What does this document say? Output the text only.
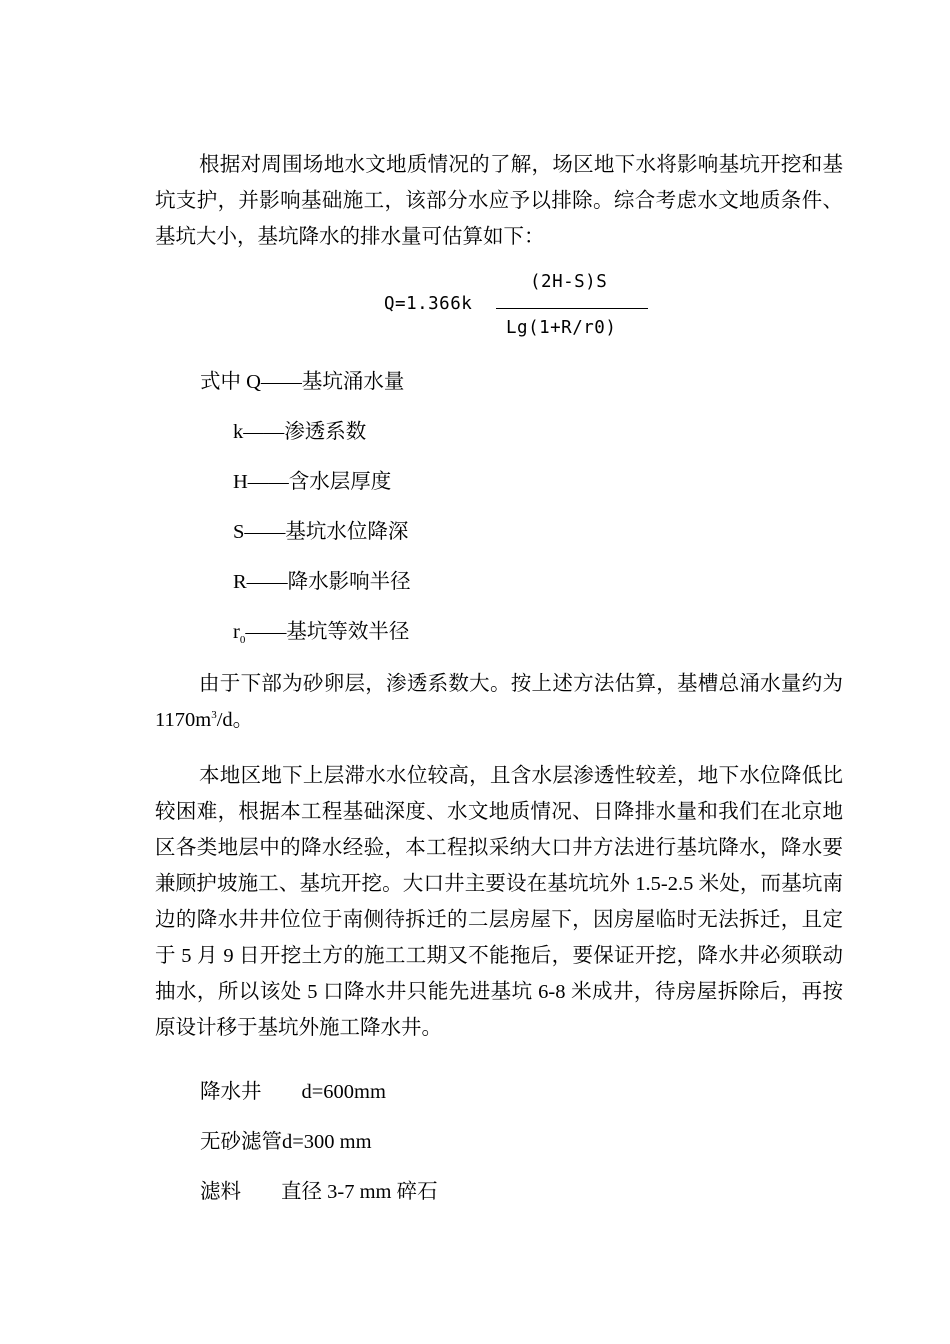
根据对周围场地水文地质情况的了解，场区地下水将影响基坑开挖和基坑支护，并影响基础施工，该部分水应予以排除。综合考虑水文地质条件、基坑大小，基坑降水的排水量可估算如下：

Q=1.366k
(2H-S)S
Lg(1+R/r0)
式中 Q——基坑涌水量
k——渗透系数
H——含水层厚度
S——基坑水位降深
R——降水影响半径
$r_0——$基坑等效半径

由于下部为砂卵层，渗透系数大。按上述方法估算，基槽总涌水量约为 $1170m^3/d$。

本地区地下上层滞水水位较高，且含水层渗透性较差，地下水位降低比较困难，根据本工程基础深度、水文地质情况、日降排水量和我们在北京地区各类地层中的降水经验，本工程拟采纳大口井方法进行基坑降水，降水要兼顾护坡施工、基坑开挖。大口井主要设在基坑坑外 1.5-2.5 米处，而基坑南边的降水井井位位于南侧待拆迁的二层房屋下，因房屋临时无法拆迁，且定于 5 月 9 日开挖土方的施工工期又不能拖后，要保证开挖，降水井必须联动抽水，所以该处 5 口降水井只能先进基坑 6-8 米成井，待房屋拆除后，再按原设计移于基坑外施工降水井。

降水井 d=600mm
无砂滤管d=300 mm
滤料 直径 3-7 mm 碎石
